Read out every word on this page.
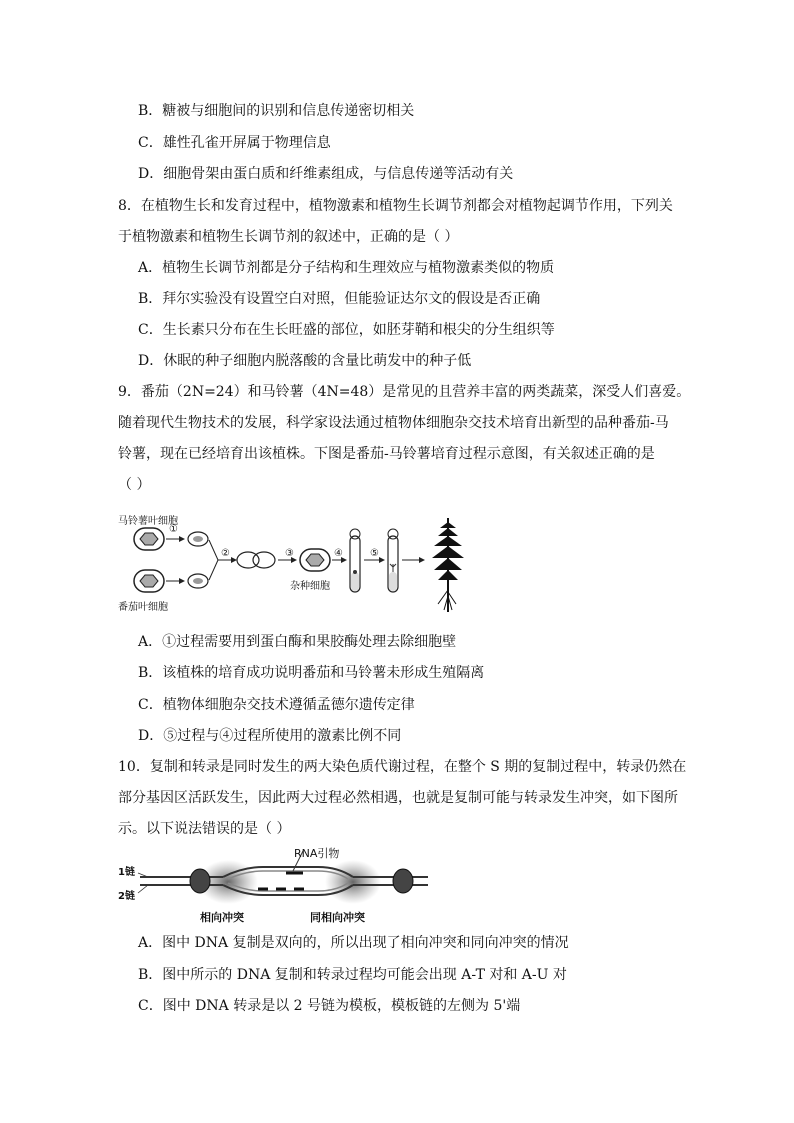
B．糖被与细胞间的识别和信息传递密切相关
C．雄性孔雀开屏属于物理信息
D．细胞骨架由蛋白质和纤维素组成，与信息传递等活动有关
8．在植物生长和发育过程中，植物激素和植物生长调节剂都会对植物起调节作用，下列关
于植物激素和植物生长调节剂的叙述中，正确的是（ ）
A．植物生长调节剂都是分子结构和生理效应与植物激素类似的物质
B．拜尔实验没有设置空白对照，但能验证达尔文的假设是否正确
C．生长素只分布在生长旺盛的部位，如胚芽鞘和根尖的分生组织等
D．休眠的种子细胞内脱落酸的含量比萌发中的种子低
9．番茄（2N=24）和马铃薯（4N=48）是常见的且营养丰富的两类蔬菜，深受人们喜爱。
随着现代生物技术的发展，科学家设法通过植物体细胞杂交技术培育出新型的品种番茄-马
铃薯，现在已经培育出该植株。下图是番茄-马铃薯培育过程示意图，有关叙述正确的是
（ ）
马铃薯叶细胞
番茄叶细胞
杂种细胞
①
②	③	④	⑤
A．①过程需要用到蛋白酶和果胶酶处理去除细胞壁
B．该植株的培育成功说明番茄和马铃薯未形成生殖隔离
C．植物体细胞杂交技术遵循孟德尔遗传定律
D．⑤过程与④过程所使用的激素比例不同
10．复制和转录是同时发生的两大染色质代谢过程，在整个 S 期的复制过程中，转录仍然在
部分基因区活跃发生，因此两大过程必然相遇，也就是复制可能与转录发生冲突，如下图所
示。以下说法错误的是（ ）
1链
2链
RNA引物
相向冲突	同相向冲突
A．图中 DNA 复制是双向的，所以出现了相向冲突和同向冲突的情况
B．图中所示的 DNA 复制和转录过程均可能会出现 A-T 对和 A-U 对
C．图中 DNA 转录是以 2 号链为模板，模板链的左侧为 5'端
